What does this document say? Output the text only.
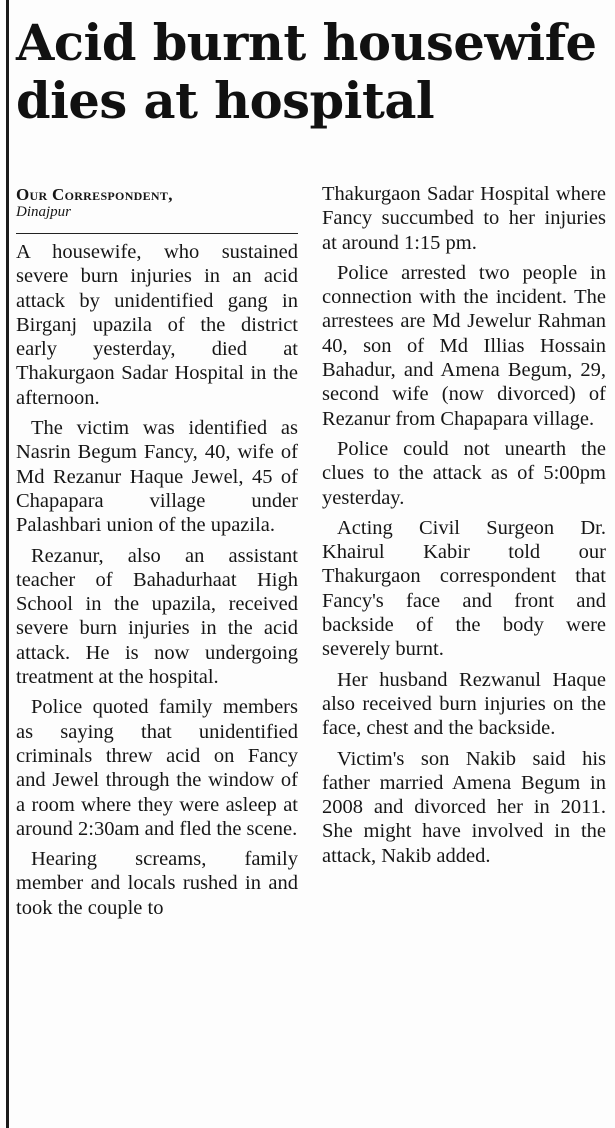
Acid burnt housewife dies at hospital
Our Correspondent,
Dinajpur

A housewife, who sustained severe burn injuries in an acid attack by unidentified gang in Birganj upazila of the district early yesterday, died at Thakurgaon Sadar Hospital in the afternoon.

The victim was identified as Nasrin Begum Fancy, 40, wife of Md Rezanur Haque Jewel, 45 of Chapapara village under Palashbari union of the upazila.

Rezanur, also an assistant teacher of Bahadurhaat High School in the upazila, received severe burn injuries in the acid attack. He is now undergoing treatment at the hospital.

Police quoted family members as saying that unidentified criminals threw acid on Fancy and Jewel through the window of a room where they were asleep at around 2:30am and fled the scene.

Hearing screams, family member and locals rushed in and took the couple to

Thakurgaon Sadar Hospital where Fancy succumbed to her injuries at around 1:15 pm.

Police arrested two people in connection with the incident. The arrestees are Md Jewelur Rahman 40, son of Md Illias Hossain Bahadur, and Amena Begum, 29, second wife (now divorced) of Rezanur from Chapapara village.

Police could not unearth the clues to the attack as of 5:00pm yesterday.

Acting Civil Surgeon Dr. Khairul Kabir told our Thakurgaon correspondent that Fancy's face and front and backside of the body were severely burnt.

Her husband Rezwanul Haque also received burn injuries on the face, chest and the backside.

Victim's son Nakib said his father married Amena Begum in 2008 and divorced her in 2011. She might have involved in the attack, Nakib added.
